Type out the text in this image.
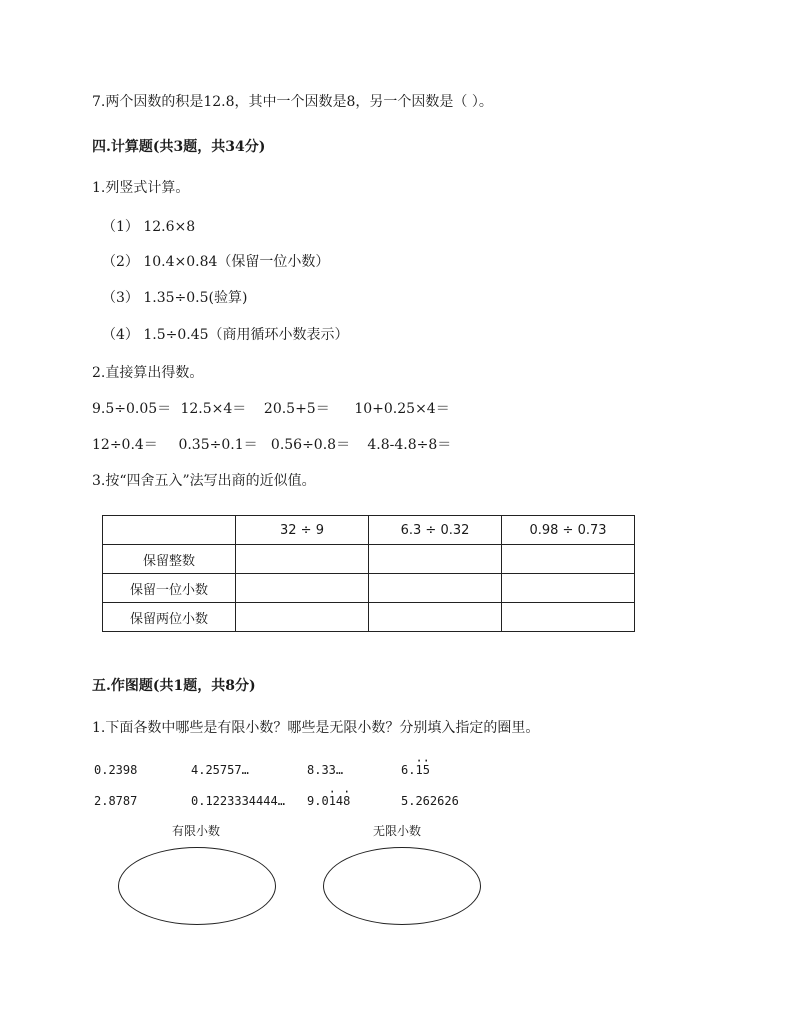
7.两个因数的积是12.8，其中一个因数是8，另一个因数是（ ）。
四.计算题(共3题，共34分)
1.列竖式计算。
（1） 12.6×8
（2） 10.4×0.84（保留一位小数）
（3） 1.35÷0.5(验算)
（4） 1.5÷0.45（商用循环小数表示）
2.直接算出得数。
9.5÷0.05＝ 12.5×4＝ 20.5+5＝ 10+0.25×4＝
12÷0.4＝ 0.35÷0.1＝ 0.56÷0.8＝ 4.8-4.8÷8＝
3.按“四舍五入”法写出商的近似值。
	32 ÷ 9	6.3 ÷ 0.32	0.98 ÷ 0.73
保留整数			
保留一位小数			
保留两位小数			
五.作图题(共1题，共8分)
1.下面各数中哪些是有限小数？哪些是无限小数？分别填入指定的圈里。
0.2398	4.25757…	8.33…	6.· 1· 5
2.8787	0.1223334444… 9.0· 14· 8	5.262626
有限小数	无限小数
